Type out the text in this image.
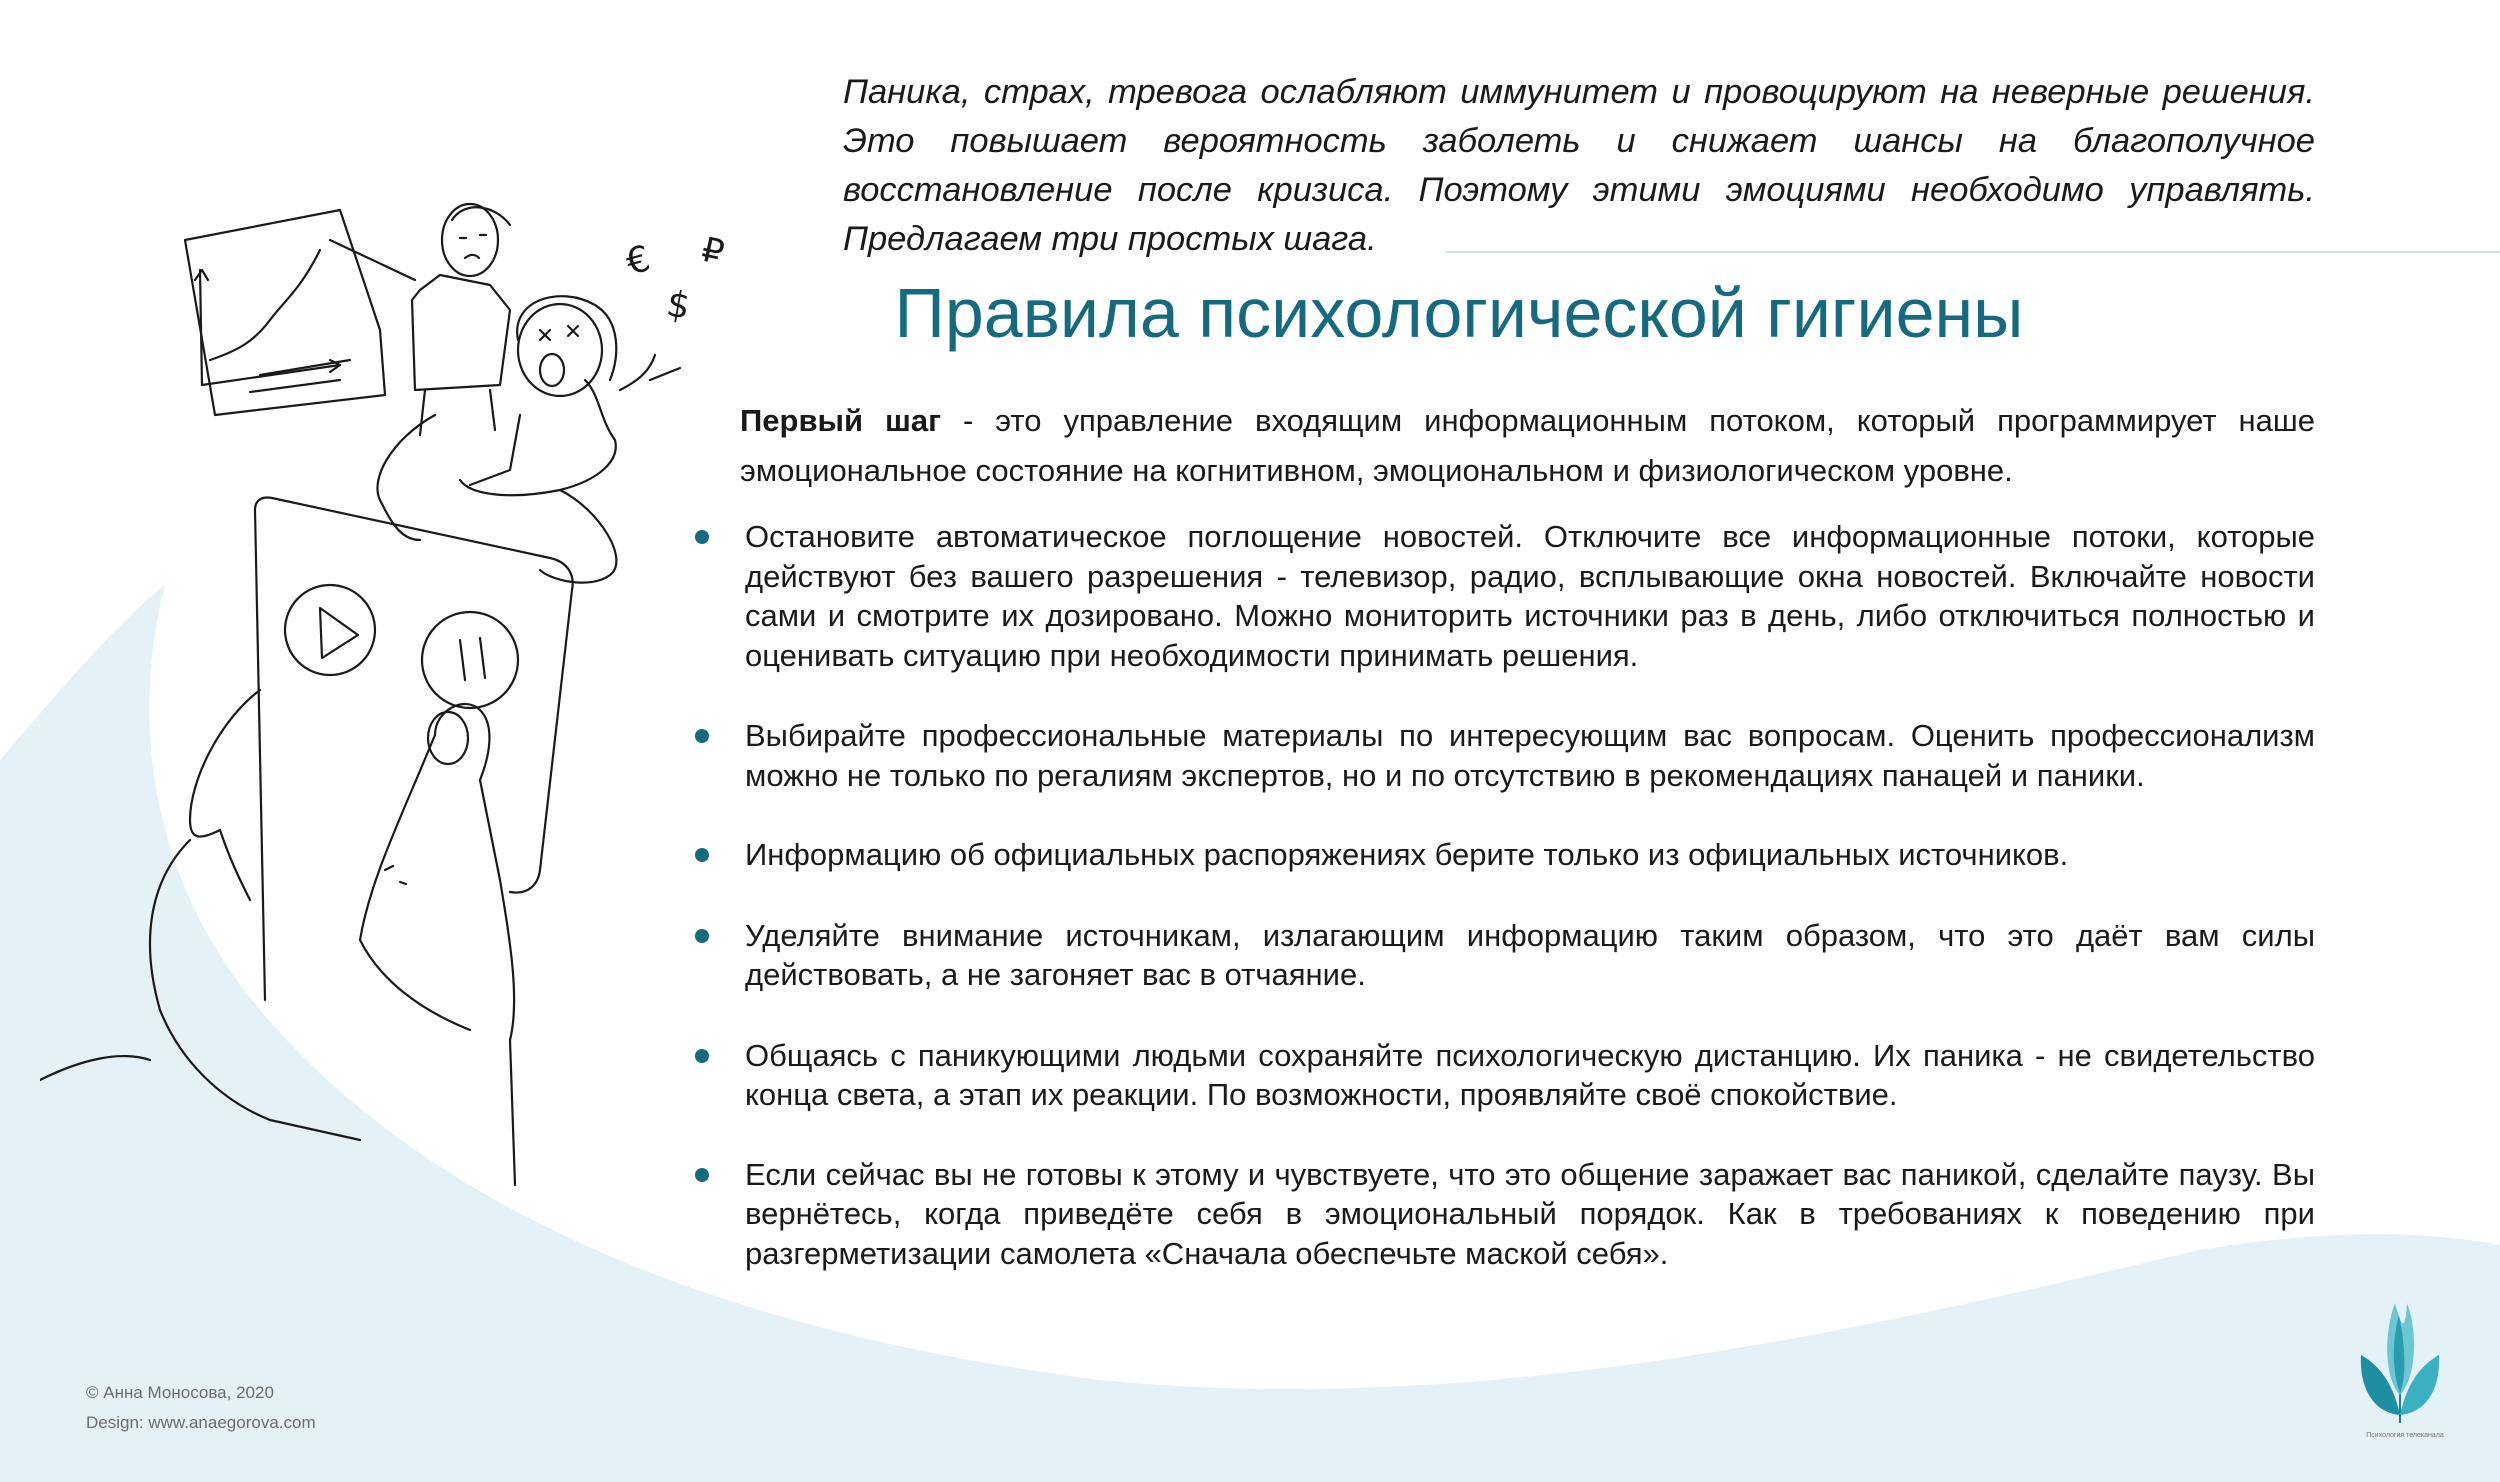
€
$
₽

Паника, страх, тревога ослабляют иммунитет и провоцируют на неверные решения. Это повышает вероятность заболеть и снижает шансы на благополучное восстановление после кризиса. Поэтому этими эмоциями необходимо управлять. Предлагаем три простых шага.

Правила психологической гигиены

Первый шаг - это управление входящим информационным потоком, который программирует наше эмоциональное состояние на когнитивном, эмоциональном и физиологическом уровне.

Остановите автоматическое поглощение новостей. Отключите все информационные потоки, которые действуют без вашего разрешения - телевизор, радио, всплывающие окна новостей. Включайте новости сами и смотрите их дозировано. Можно мониторить источники раз в день, либо отключиться полностью и оценивать ситуацию при необходимости принимать решения.
Выбирайте профессиональные материалы по интересующим вас вопросам. Оценить профессионализм можно не только по регалиям экспертов, но и по отсутствию в рекомендациях панацей и паники.
Информацию об официальных распоряжениях берите только из официальных источников.
Уделяйте внимание источникам, излагающим информацию таким образом, что это даёт вам силы действовать, а не загоняет вас в отчаяние.
Общаясь с паникующими людьми сохраняйте психологическую дистанцию. Их паника - не свидетельство конца света, а этап их реакции. По возможности, проявляйте своё спокойствие.
Если сейчас вы не готовы к этому и чувствуете, что это общение заражает вас паникой, сделайте паузу. Вы вернётесь, когда приведёте себя в эмоциональный порядок. Как в требованиях к поведению при разгерметизации самолета «Сначала обеспечьте маской себя».
© Анна Моносова, 2020
Design: www.anaegorova.com
Психология телеканала
